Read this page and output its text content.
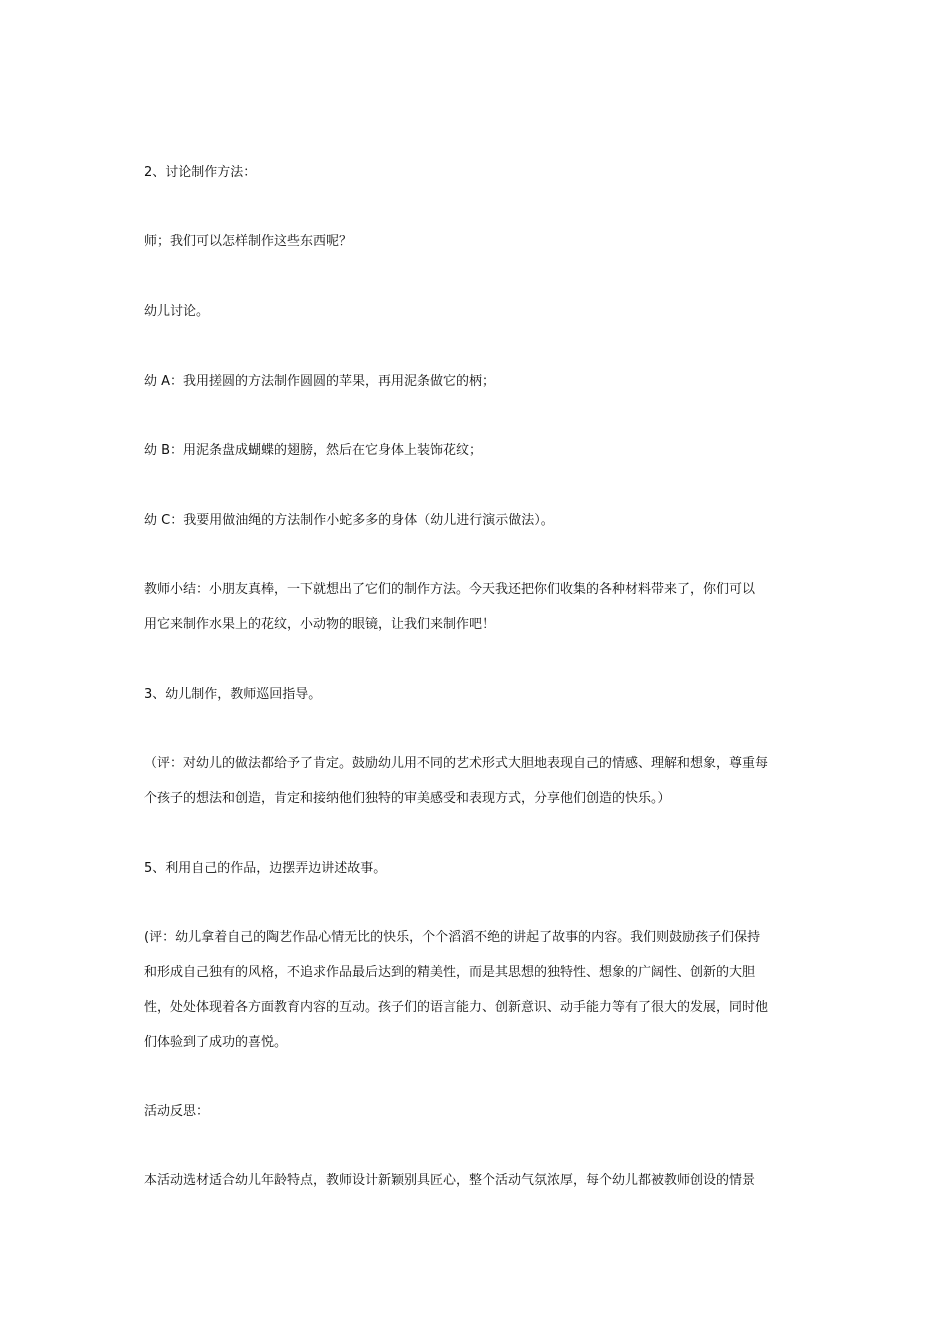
2、讨论制作方法：

师；我们可以怎样制作这些东西呢？

幼儿讨论。

幼 A：我用搓圆的方法制作圆圆的苹果，再用泥条做它的柄；

幼 B：用泥条盘成蝴蝶的翅膀，然后在它身体上装饰花纹；

幼 C：我要用做油绳的方法制作小蛇多多的身体（幼儿进行演示做法）。

教师小结：小朋友真棒，一下就想出了它们的制作方法。今天我还把你们收集的各种材料带来了，你们可以
用它来制作水果上的花纹，小动物的眼镜，让我们来制作吧！

3、幼儿制作，教师巡回指导。

（评：对幼儿的做法都给予了肯定。鼓励幼儿用不同的艺术形式大胆地表现自己的情感、理解和想象，尊重每
个孩子的想法和创造，肯定和接纳他们独特的审美感受和表现方式，分享他们创造的快乐。）

5、利用自己的作品，边摆弄边讲述故事。

(评：幼儿拿着自己的陶艺作品心情无比的快乐，个个滔滔不绝的讲起了故事的内容。我们则鼓励孩子们保持
和形成自己独有的风格，不追求作品最后达到的精美性，而是其思想的独特性、想象的广阔性、创新的大胆
性，处处体现着各方面教育内容的互动。孩子们的语言能力、创新意识、动手能力等有了很大的发展，同时他
们体验到了成功的喜悦。

活动反思：

本活动选材适合幼儿年龄特点，教师设计新颖别具匠心，整个活动气氛浓厚，每个幼儿都被教师创设的情景
